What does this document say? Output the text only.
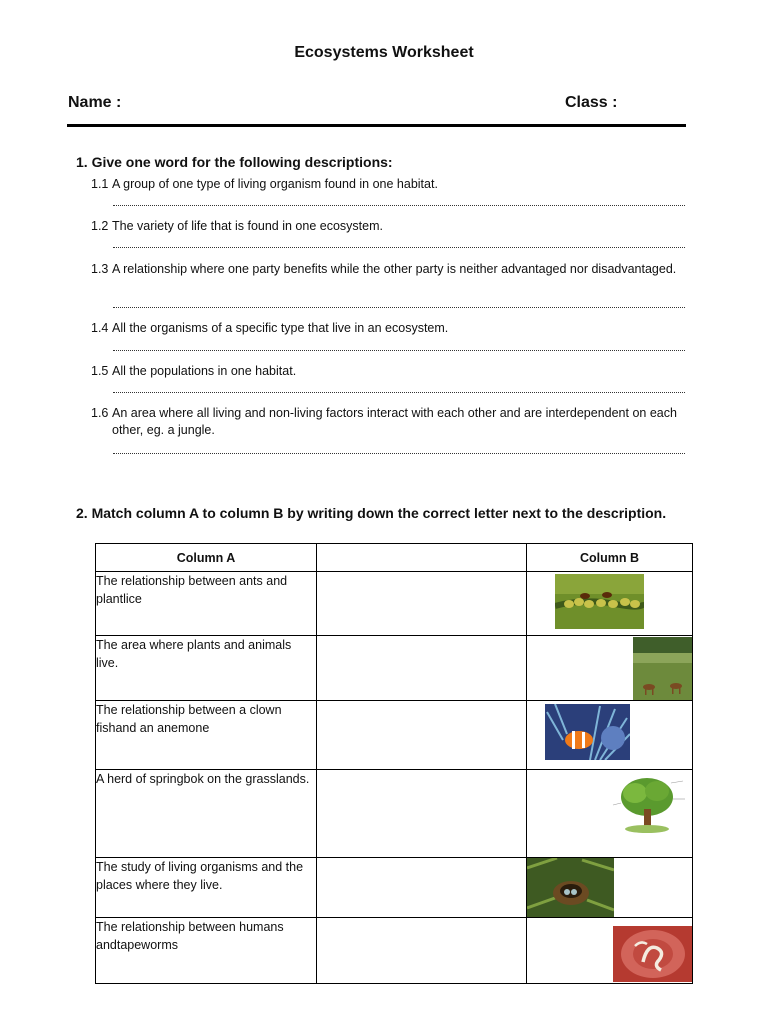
Ecosystems Worksheet
Name :	Class :
1. Give one word for the following descriptions:
1.1 A group of one type of living organism found in one habitat.
1.2 The variety of life that is found in one ecosystem.
1.3 A relationship where one party benefits while the other party is neither advantaged nor disadvantaged.
1.4 All the organisms of a specific type that live in an ecosystem.
1.5 All the populations in one habitat.
1.6 An area where all living and non-living factors interact with each other and are interdependent on each other, eg. a jungle.
2. Match column A to column B by writing down the correct letter next to the description.
Column A		Column B
The relationship between ants and plantlice		

The area where plants and animals live.		

The relationship between a clown fishand an anemone		

A herd of springbok on the grasslands.		

The study of living organisms and the places where they live.		

The relationship between humans andtapeworms		
